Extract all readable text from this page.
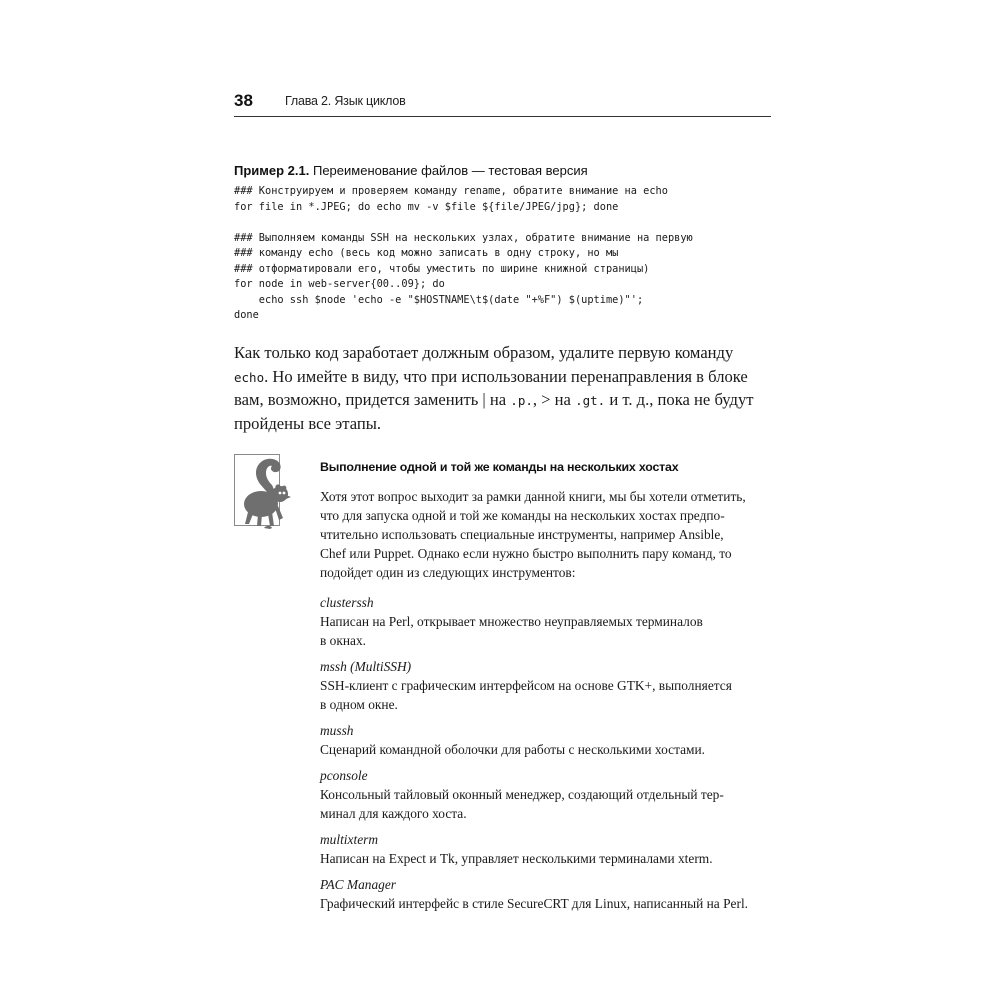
38	Глава 2. Язык циклов
Пример 2.1. Переименование файлов — тестовая версия
### Конструируем и проверяем команду rename, обратите внимание на echo
for file in *.JPEG; do echo mv -v $file ${file/JPEG/jpg}; done
### Выполняем команды SSH на нескольких узлах, обратите внимание на первую
### команду echo (весь код можно записать в одну строку, но мы
### отформатировали его, чтобы уместить по ширине книжной страницы)
for node in web-server{00..09}; do
echo ssh $node 'echo -e "$HOSTNAME\t$(date "+%F") $(uptime)"';
done
Как только код заработает должным образом, удалите первую команду
echo. Но имейте в виду, что при использовании перенаправления в блоке
вам, возможно, придется заменить | на .p., > на .gt. и т. д., пока не будут
пройдены все этапы.
Выполнение одной и той же команды на нескольких хостах
Хотя этот вопрос выходит за рамки данной книги, мы бы хотели отметить,
что для запуска одной и той же команды на нескольких хостах предпо-
чтительно использовать специальные инструменты, например Ansible,
Chef или Puppet. Однако если нужно быстро выполнить пару команд, то
подойдет один из следующих инструментов:
clusterssh
Написан на Perl, открывает множество неуправляемых терминалов
в окнах.
mssh (MultiSSH)
SSH-клиент с графическим интерфейсом на основе GTK+, выполняется
в одном окне.
mussh
Сценарий командной оболочки для работы с несколькими хостами.
pconsole
Консольный тайловый оконный менеджер, создающий отдельный тер-
минал для каждого хоста.
multixterm
Написан на Expect и Tk, управляет несколькими терминалами xterm.
PAC Manager
Графический интерфейс в стиле SecureCRT для Linux, написанный на Perl.
